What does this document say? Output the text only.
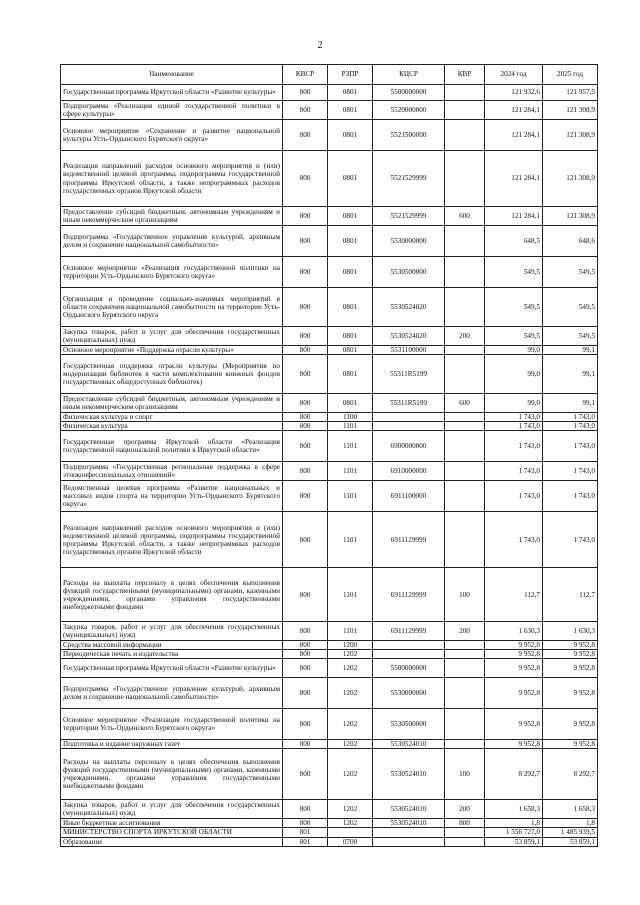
2
Наименование	КВСР	РЗПР	КЦСР	КВР	2024 год	2025 год
Государственная программа Иркутской области «Развитие культуры»	800	0801	5500000000		121 932,6	121 957,5
Подпрограмма «Реализация единой государственной политики в сфере культуры»	800	0801	5520000000		121 284,1	121 308,9
Основное мероприятие «Сохранение и развитие национальной культуры Усть-Ордынского Бурятского округа»	800	0801	5521500000		121 284,1	121 308,9
Реализация направлений расходов основного мероприятия и (или) ведомственной целевой программы, подпрограммы государственной программы Иркутской области, а также непрограммных расходов государственных органов Иркутской области	800	0801	5521529999		121 284,1	121 308,9
Предоставление субсидий бюджетным, автономным учреждениям и иным некоммерческим организациям	800	0801	5521529999	600	121 284,1	121 308,9
Подпрограмма «Государственное управление культурой, архивным делом и сохранение национальной самобытности»	800	0801	5530000000		648,5	648,6
Основное мероприятие «Реализация государственной политики на территории Усть-Ордынского Бурятского округа»	800	0801	5530500000		549,5	549,5
Организация и проведение социально-значимых мероприятий в области сохранения национальной самобытности на территории Усть-Ордынского Бурятского округа	800	0801	5530524020		549,5	549,5
Закупка товаров, работ и услуг для обеспечения государственных (муниципальных) нужд	800	0801	5530524020	200	549,5	549,5
Основное мероприятие «Поддержка отрасли культуры»	800	0801	5531100000		99,0	99,1
Государственная поддержка отрасли культуры (Мероприятия по модернизации библиотек в части комплектования книжных фондов государственных общедоступных библиотек)	800	0801	55311R5199		99,0	99,1
Предоставление субсидий бюджетным, автономным учреждениям и иным некоммерческим организациям	800	0801	55311R5199	600	99,0	99,1
Физическая культура и спорт	800	1100			1 743,0	1 743,0
Физическая культура	800	1101			1 743,0	1 743,0
Государственная программа Иркутской области «Реализация государственной национальной политики в Иркутской области»	800	1101	6900000000		1 743,0	1 743,0
Подпрограмма «Государственная региональная поддержка в сфере этноконфессиональных отношений»	800	1101	6910000000		1 743,0	1 743,0
Ведомственная целевая программа «Развитие национальных и массовых видов спорта на территории Усть-Ордынского Бурятского округа»	800	1101	6911100000		1 743,0	1 743,0
Реализация направлений расходов основного мероприятия и (или) ведомственной целевой программы, подпрограммы государственной программы Иркутской области, а также непрограммных расходов государственных органов Иркутской области	800	1101	6911129999		1 743,0	1 743,0
Расходы на выплаты персоналу в целях обеспечения выполнения функций государственными (муниципальными) органами, казенными учреждениями, органами управления государственными внебюджетными фондами	800	1101	6911129999	100	112,7	112,7
Закупка товаров, работ и услуг для обеспечения государственных (муниципальных) нужд	800	1101	6911129999	200	1 630,3	1 630,3
Средства массовой информации	800	1200			9 952,8	9 952,8
Периодическая печать и издательства	800	1202			9 952,8	9 952,8
Государственная программа Иркутской области «Развитие культуры»	800	1202	5500000000		9 952,8	9 952,8
Подпрограмма «Государственное управление культурой, архивным делом и сохранение национальной самобытности»	800	1202	5530000000		9 952,8	9 952,8
Основное мероприятие «Реализация государственной политики на территории Усть-Ордынского Бурятского округа»	800	1202	5530500000		9 952,8	9 952,8
Подготовка и издание окружных газет	800	1202	5530524010		9 952,8	9 952,8
Расходы на выплаты персоналу в целях обеспечения выполнения функций государственными (муниципальными) органами, казенными учреждениями, органами управления государственными внебюджетными фондами	800	1202	5530524010	100	8 292,7	8 292,7
Закупка товаров, работ и услуг для обеспечения государственных (муниципальных) нужд	800	1202	5530524010	200	1 658,3	1 658,3
Иные бюджетные ассигнования	800	1202	5530524010	800	1,8	1,8
МИНИСТЕРСТВО СПОРТА ИРКУТСКОЙ ОБЛАСТИ	801				1 556 727,0	1 485 939,5
Образование	801	0700			53 859,1	53 859,1
